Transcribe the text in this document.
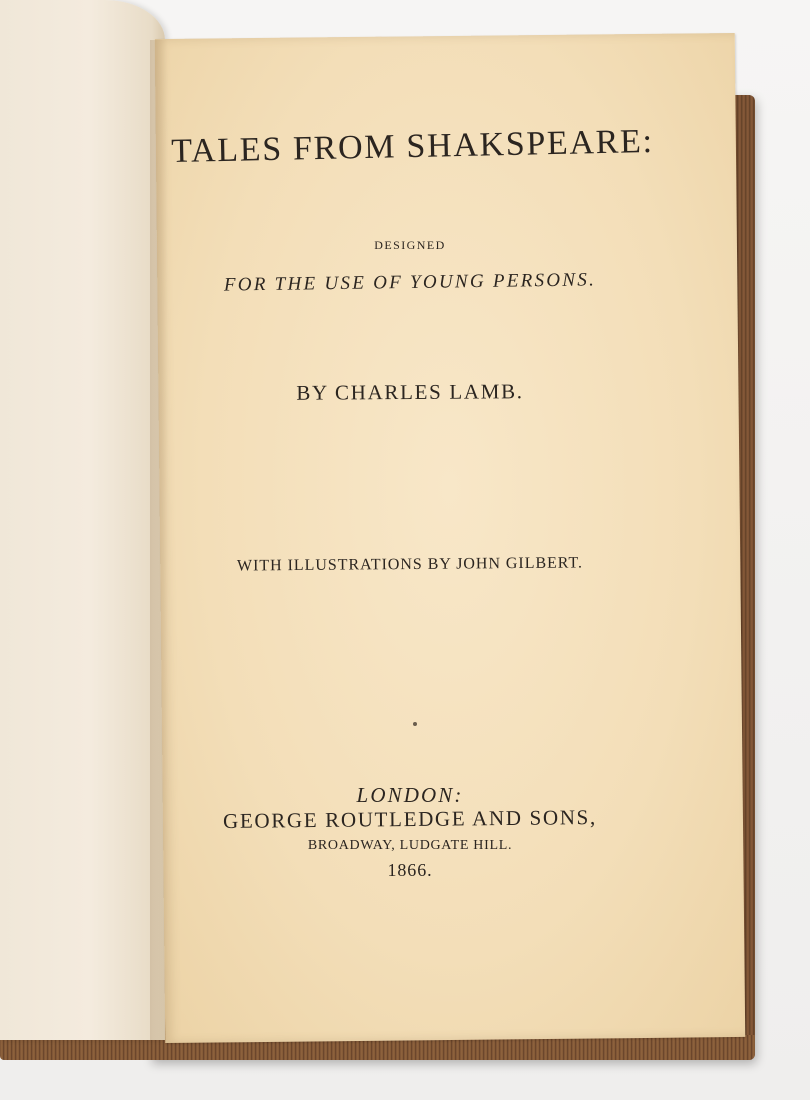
TALES FROM SHAKSPEARE:
DESIGNED
FOR THE USE OF YOUNG PERSONS.
BY CHARLES LAMB.
WITH ILLUSTRATIONS BY JOHN GILBERT.
LONDON:
GEORGE ROUTLEDGE AND SONS,
BROADWAY, LUDGATE HILL.
1866.
